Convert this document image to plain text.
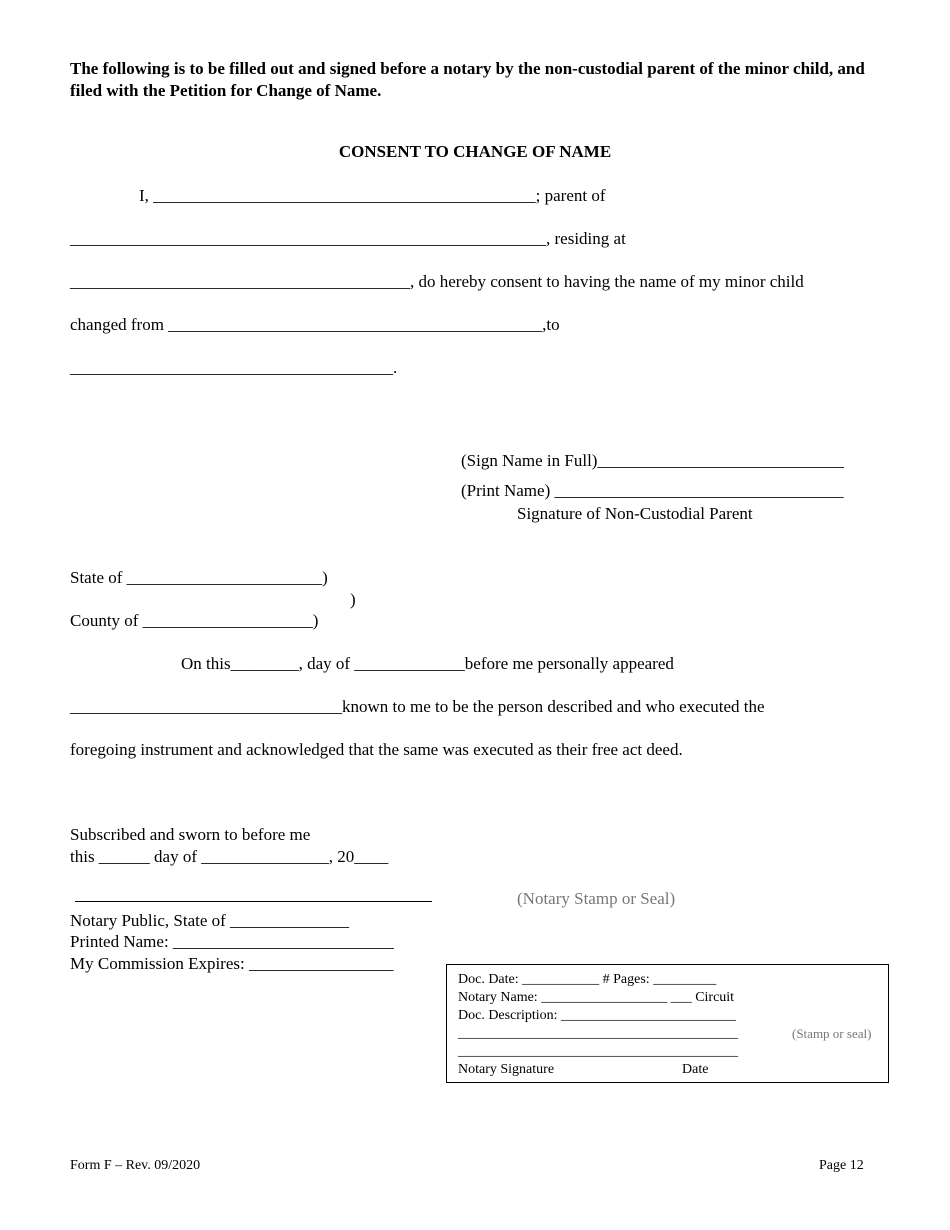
The following is to be filled out and signed before a notary by the non-custodial parent of the minor child, and filed with the Petition for Change of Name.
CONSENT TO CHANGE OF NAME
I, _____________________________________________; parent of
________________________________________________________, residing at
________________________________________, do hereby consent to having the name of my minor child
changed from ____________________________________________,to
______________________________________.
(Sign Name in Full)_____________________________
(Print Name) __________________________________
Signature of Non-Custodial Parent
State of _______________________)
)
County of ____________________)
On this________, day of _____________before me personally appeared
________________________________known to me to be the person described and who executed the
foregoing instrument and acknowledged that the same was executed as their free act deed.
Subscribed and sworn to before me
this ______ day of _______________, 20____
Notary Public, State of ______________
Printed Name: __________________________
My Commission Expires: _________________
(Notary Stamp or Seal)
Doc. Date: ___________ # Pages: _________
Notary Name: __________________ ___ Circuit
Doc. Description: _________________________
________________________________________
________________________________________
Notary Signature	Date
(Stamp or seal)
Form F – Rev. 09/2020	Page 12
